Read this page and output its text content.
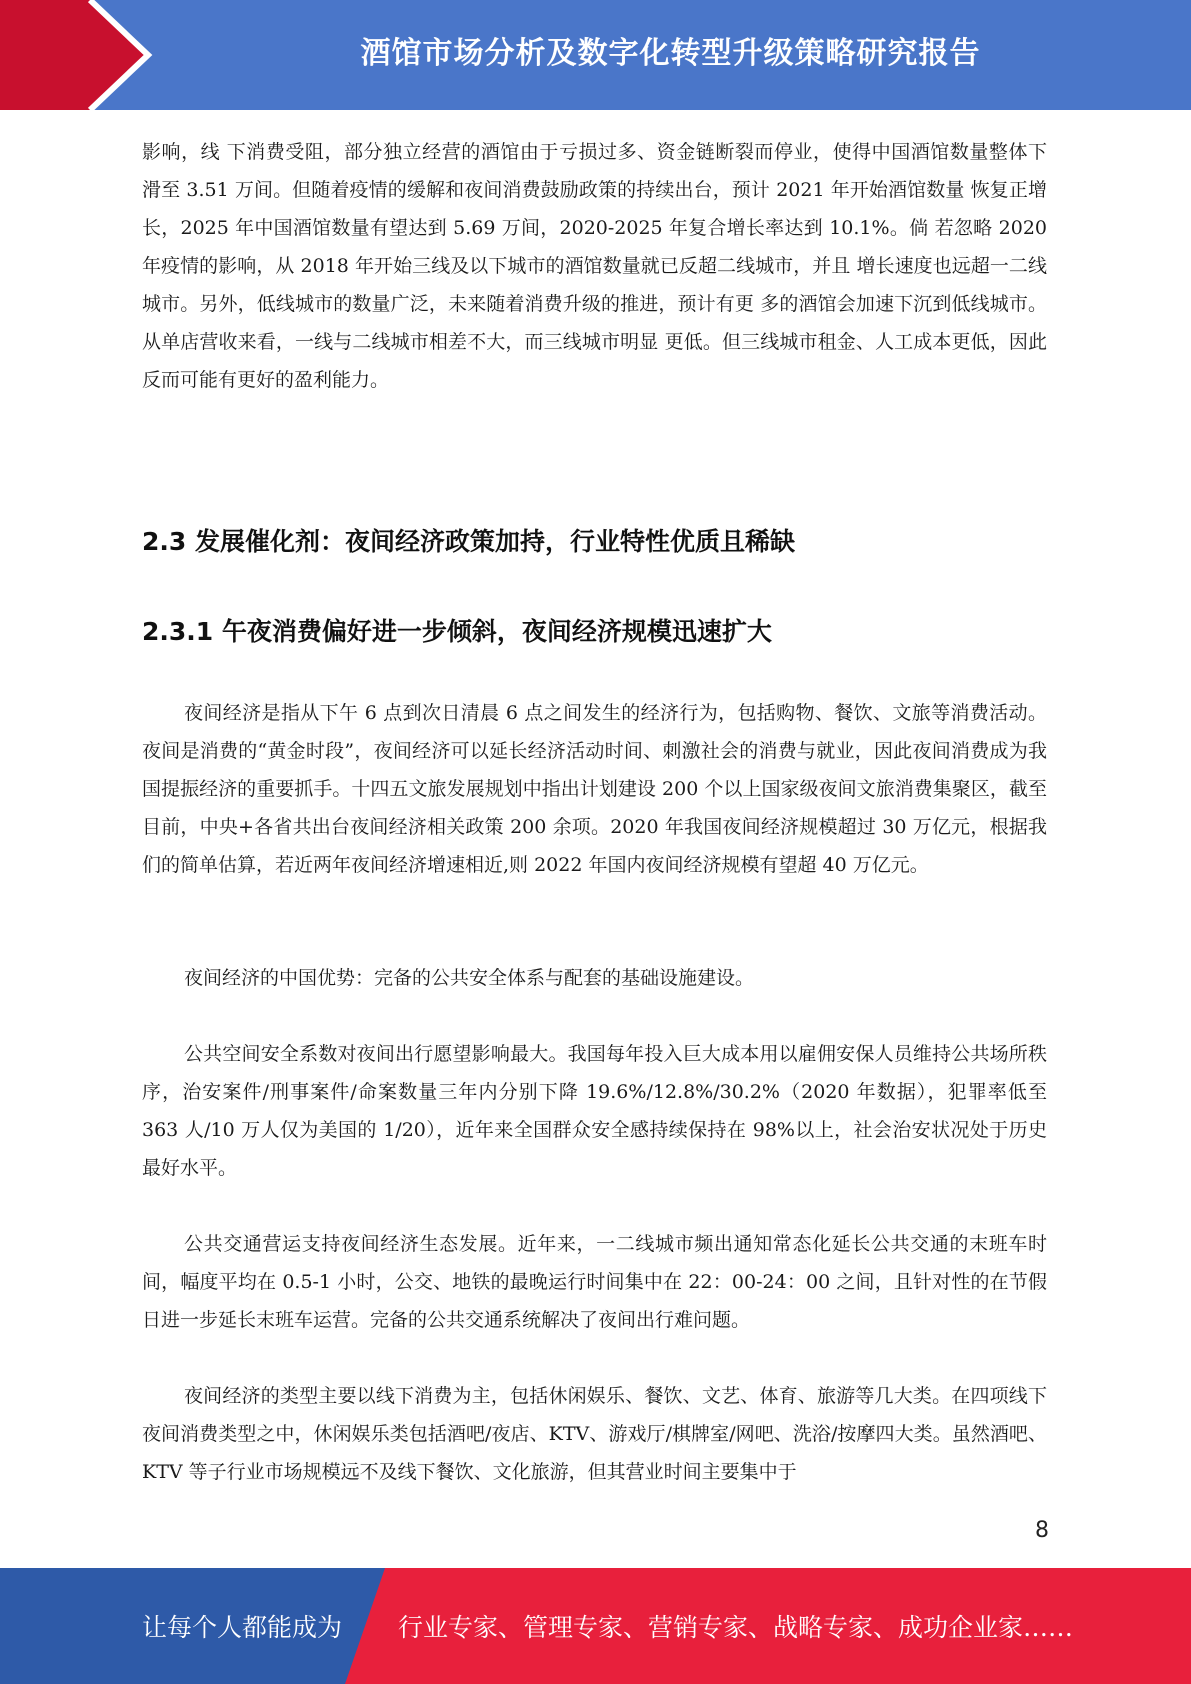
酒馆市场分析及数字化转型升级策略研究报告

影响，线 下消费受阻，部分独立经营的酒馆由于亏损过多、资金链断裂而停业，使得中国酒馆数量整体下 滑至 3.51 万间。但随着疫情的缓解和夜间消费鼓励政策的持续出台，预计 2021 年开始酒馆数量 恢复正增长，2025 年中国酒馆数量有望达到 5.69 万间，2020-2025 年复合增长率达到 10.1%。倘 若忽略 2020 年疫情的影响，从 2018 年开始三线及以下城市的酒馆数量就已反超二线城市，并且 增长速度也远超一二线城市。另外，低线城市的数量广泛，未来随着消费升级的推进，预计有更 多的酒馆会加速下沉到低线城市。从单店营收来看，一线与二线城市相差不大，而三线城市明显 更低。但三线城市租金、人工成本更低，因此反而可能有更好的盈利能力。

2.3 发展催化剂：夜间经济政策加持，行业特性优质且稀缺
2.3.1 午夜消费偏好进一步倾斜，夜间经济规模迅速扩大

夜间经济是指从下午 6 点到次日清晨 6 点之间发生的经济行为，包括购物、餐饮、文旅等消费活动。夜间是消费的“黄金时段”，夜间经济可以延长经济活动时间、刺激社会的消费与就业，因此夜间消费成为我国提振经济的重要抓手。十四五文旅发展规划中指出计划建设 200 个以上国家级夜间文旅消费集聚区，截至目前，中央+各省共出台夜间经济相关政策 200 余项。2020 年我国夜间经济规模超过 30 万亿元，根据我们的简单估算，若近两年夜间经济增速相近,则 2022 年国内夜间经济规模有望超 40 万亿元。

夜间经济的中国优势：完备的公共安全体系与配套的基础设施建设。

公共空间安全系数对夜间出行愿望影响最大。我国每年投入巨大成本用以雇佣安保人员维持公共场所秩序，治安案件/刑事案件/命案数量三年内分别下降 19.6%/12.8%/30.2%（2020 年数据），犯罪率低至 363 人/10 万人仅为美国的 1/20），近年来全国群众安全感持续保持在 98%以上，社会治安状况处于历史最好水平。

公共交通营运支持夜间经济生态发展。近年来，一二线城市频出通知常态化延长公共交通的末班车时间，幅度平均在 0.5-1 小时，公交、地铁的最晚运行时间集中在 22：00-24：00 之间，且针对性的在节假日进一步延长末班车运营。完备的公共交通系统解决了夜间出行难问题。

夜间经济的类型主要以线下消费为主，包括休闲娱乐、餐饮、文艺、体育、旅游等几大类。在四项线下夜间消费类型之中，休闲娱乐类包括酒吧/夜店、KTV、游戏厅/棋牌室/网吧、洗浴/按摩四大类。虽然酒吧、KTV 等子行业市场规模远不及线下餐饮、文化旅游，但其营业时间主要集中于

8
让每个人都能成为 行业专家、管理专家、营销专家、战略专家、成功企业家……
